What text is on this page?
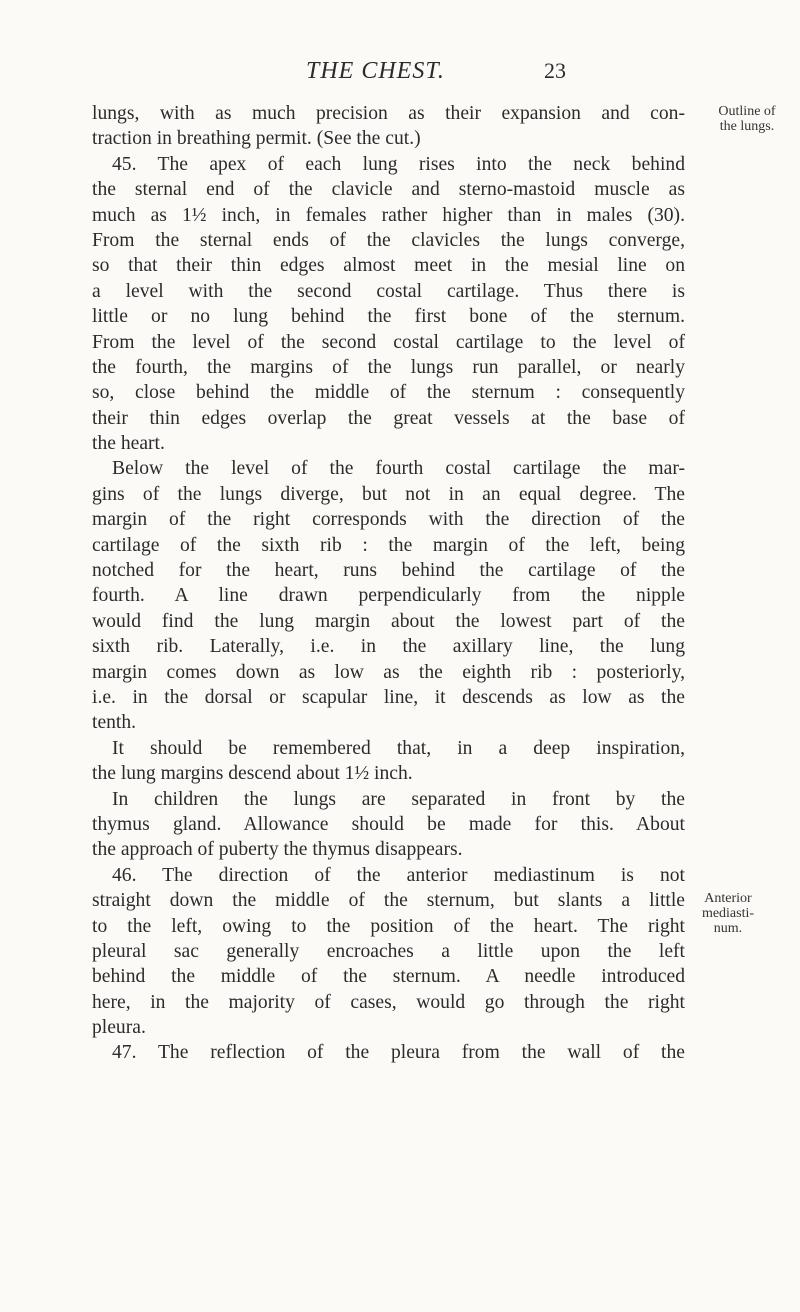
THE CHEST.	23
Outline of
the lungs.
Anterior
mediasti-
num.
lungs, with as much precision as their expansion and con-
traction in breathing permit. (See the cut.)
45. The apex of each lung rises into the neck behind
the sternal end of the clavicle and sterno-mastoid muscle as
much as 1½ inch, in females rather higher than in males (30).
From the sternal ends of the clavicles the lungs converge,
so that their thin edges almost meet in the mesial line on
a level with the second costal cartilage. Thus there is
little or no lung behind the first bone of the sternum.
From the level of the second costal cartilage to the level of
the fourth, the margins of the lungs run parallel, or nearly
so, close behind the middle of the sternum : consequently
their thin edges overlap the great vessels at the base of
the heart.
Below the level of the fourth costal cartilage the mar-
gins of the lungs diverge, but not in an equal degree. The
margin of the right corresponds with the direction of the
cartilage of the sixth rib : the margin of the left, being
notched for the heart, runs behind the cartilage of the
fourth. A line drawn perpendicularly from the nipple
would find the lung margin about the lowest part of the
sixth rib. Laterally, i.e. in the axillary line, the lung
margin comes down as low as the eighth rib : posteriorly,
i.e. in the dorsal or scapular line, it descends as low as the
tenth.
It should be remembered that, in a deep inspiration,
the lung margins descend about 1½ inch.
In children the lungs are separated in front by the
thymus gland. Allowance should be made for this. About
the approach of puberty the thymus disappears.
46. The direction of the anterior mediastinum is not
straight down the middle of the sternum, but slants a little
to the left, owing to the position of the heart. The right
pleural sac generally encroaches a little upon the left
behind the middle of the sternum. A needle introduced
here, in the majority of cases, would go through the right
pleura.
47. The reflection of the pleura from the wall of the
